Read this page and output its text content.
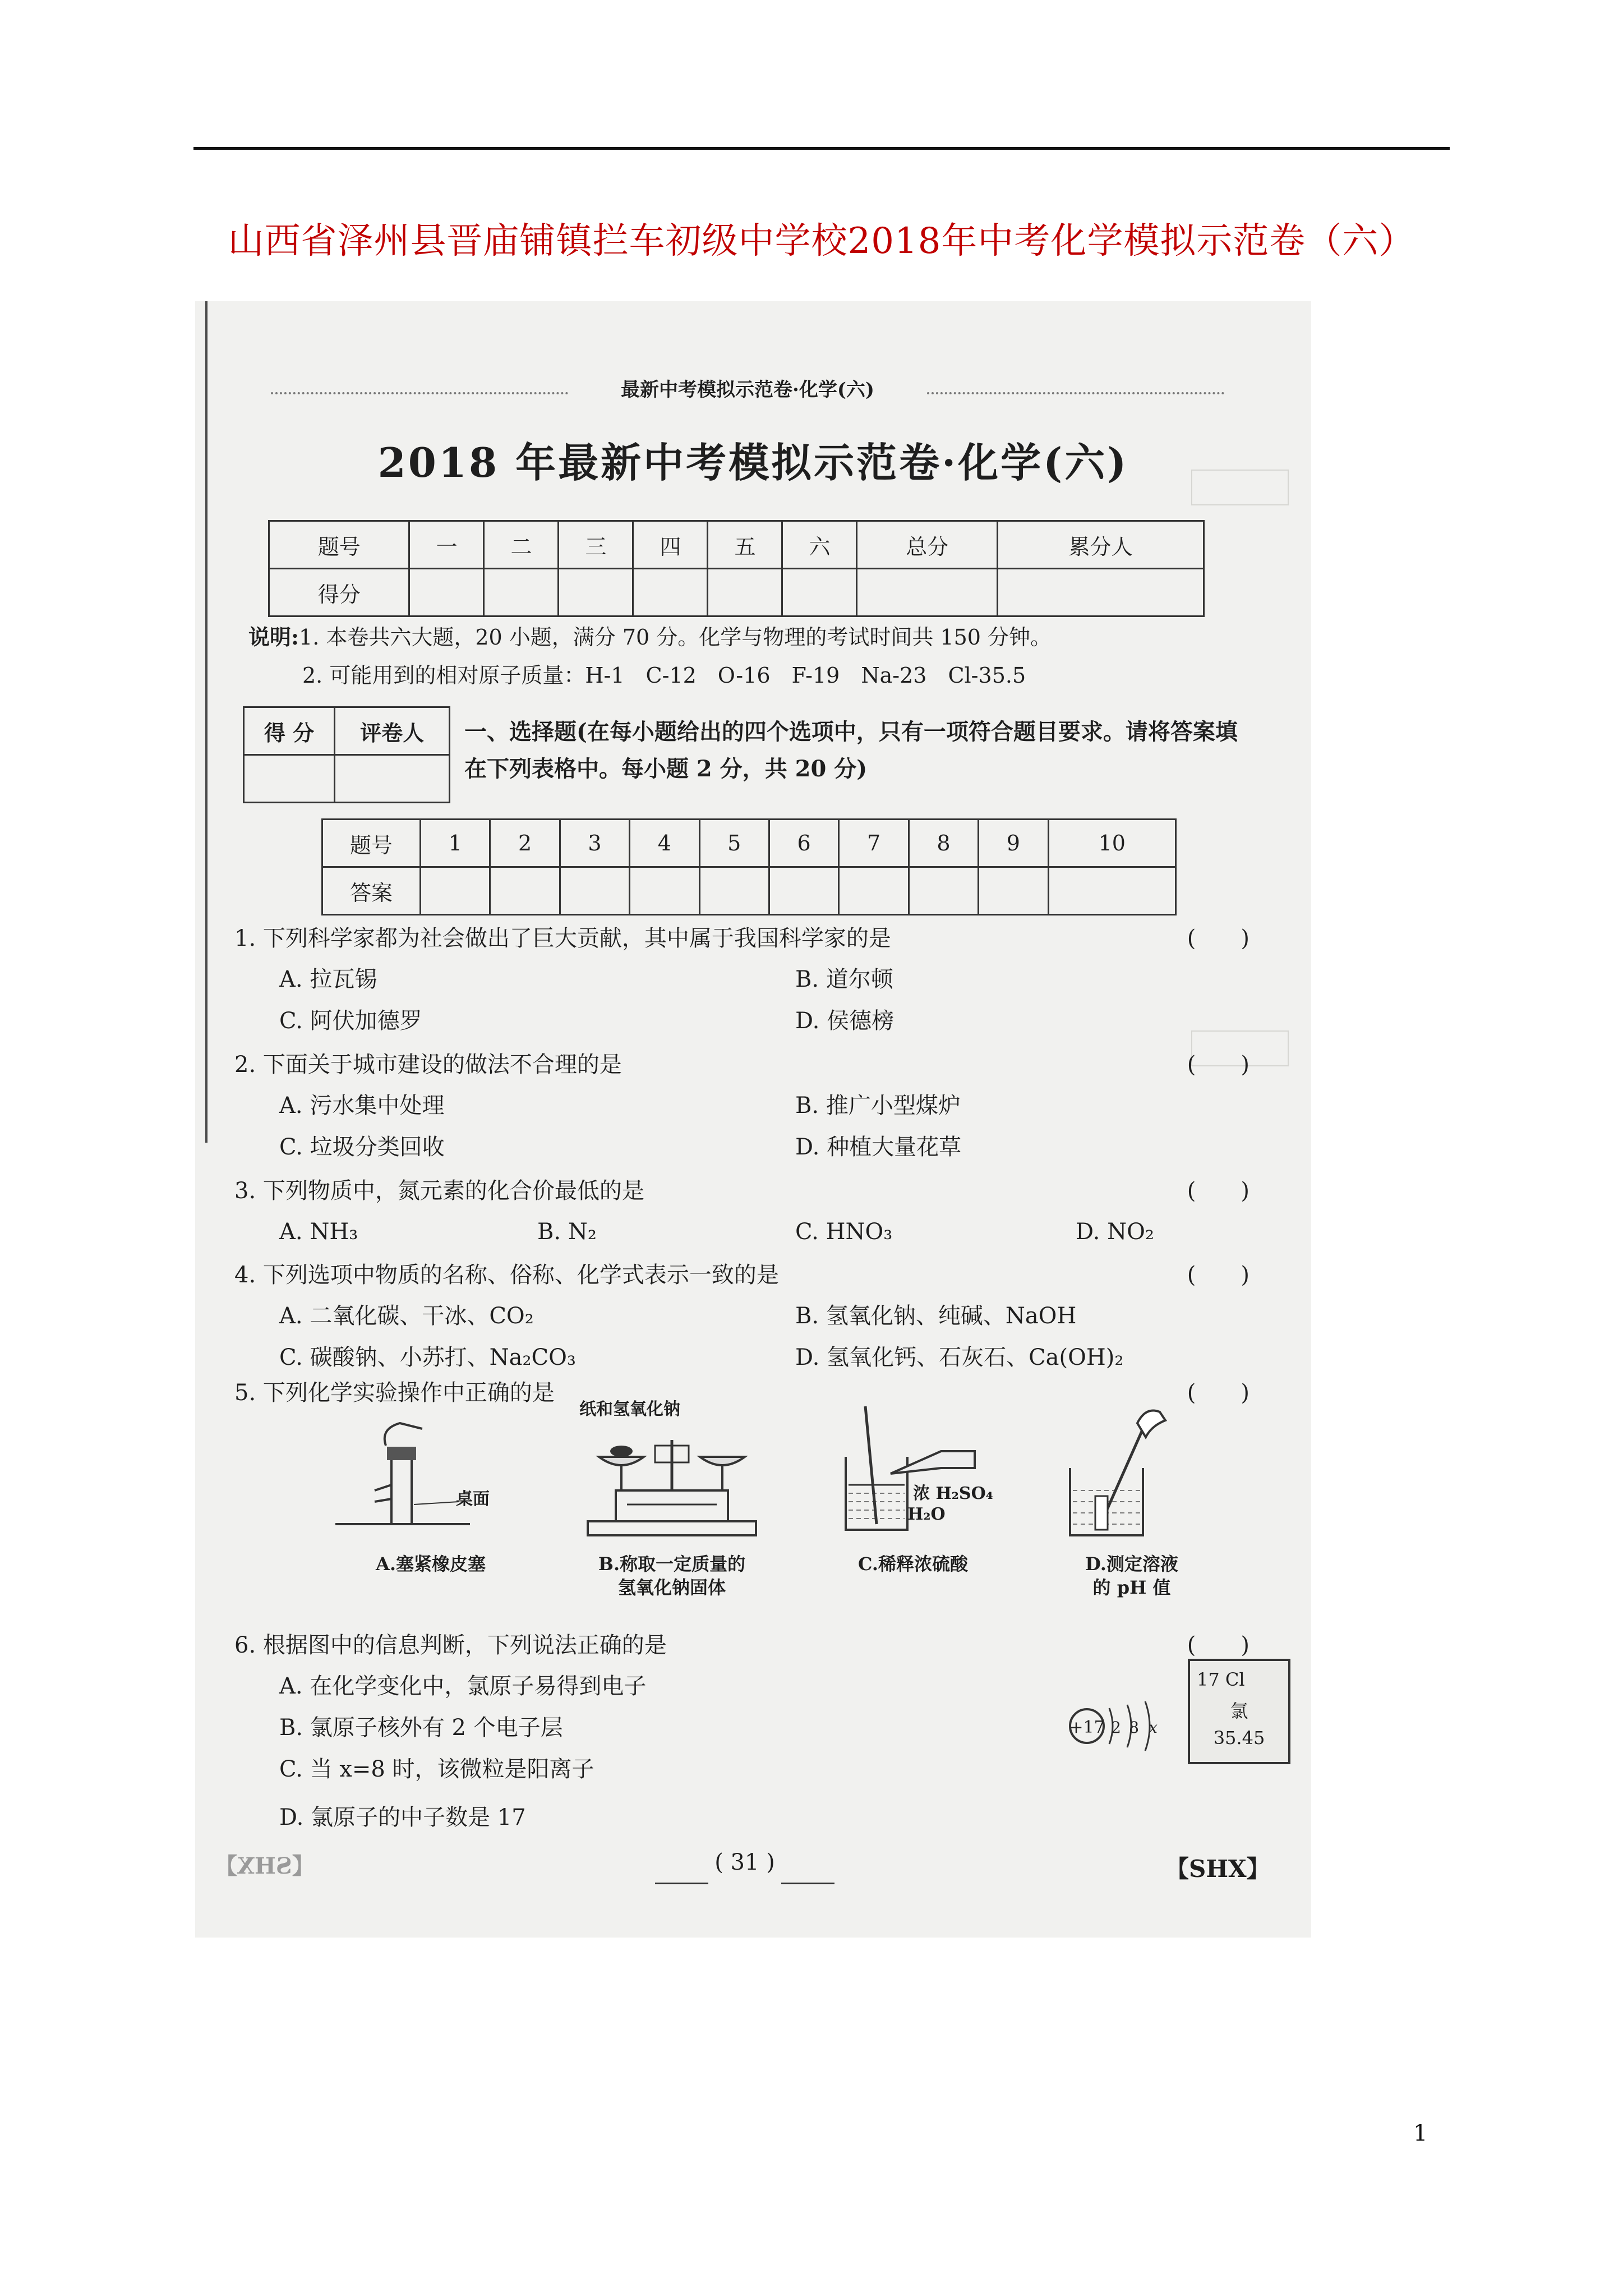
山西省泽州县晋庙铺镇拦车初级中学校2018年中考化学模拟示范卷（六）
最新中考模拟示范卷·化学(六)
2018 年最新中考模拟示范卷·化学(六)
题号	一	二	三	四	五	六	总分	累分人
得分								
说明:1. 本卷共六大题，20 小题，满分 70 分。化学与物理的考试时间共 150 分钟。
2. 可能用到的相对原子质量：H-1　C-12　O-16　F-19　Na-23　Cl-35.5
得 分	评卷人
	一、选择题(在每小题给出的四个选项中，只有一项符合题目要求。请将答案填在下列表格中。每小题 2 分，共 20 分)
题号	1	2	3	4	5	6	7	8	9	10
答案										
1. 下列科学家都为社会做出了巨大贡献，其中属于我国科学家的是	(　　)
A. 拉瓦锡	B. 道尔顿
C. 阿伏加德罗	D. 侯德榜
2. 下面关于城市建设的做法不合理的是	(　　)
A. 污水集中处理	B. 推广小型煤炉
C. 垃圾分类回收	D. 种植大量花草
3. 下列物质中，氮元素的化合价最低的是	(　　)
A. NH₃	B. N₂	C. HNO₃	D. NO₂
4. 下列选项中物质的名称、俗称、化学式表示一致的是	(　　)
A. 二氧化碳、干冰、CO₂	B. 氢氧化钠、纯碱、NaOH
C. 碳酸钠、小苏打、Na₂CO₃	D. 氢氧化钙、石灰石、Ca(OH)₂
5. 下列化学实验操作中正确的是	(　　)
桌面
A.塞紧橡皮塞
纸和氢氧化钠
B.称取一定质量的
氢氧化钠固体
浓 H₂SO₄
H₂O
C.稀释浓硫酸	D.测定溶液
的 pH 值
6. 根据图中的信息判断，下列说法正确的是	(　　)
A. 在化学变化中，氯原子易得到电子
B. 氯原子核外有 2 个电子层
C. 当 x=8 时，该微粒是阳离子
D. 氯原子的中子数是 17
+17 2 8 x
17 Cl
氯
35.45
【SHX】	( 31 )	【SHX】
1
